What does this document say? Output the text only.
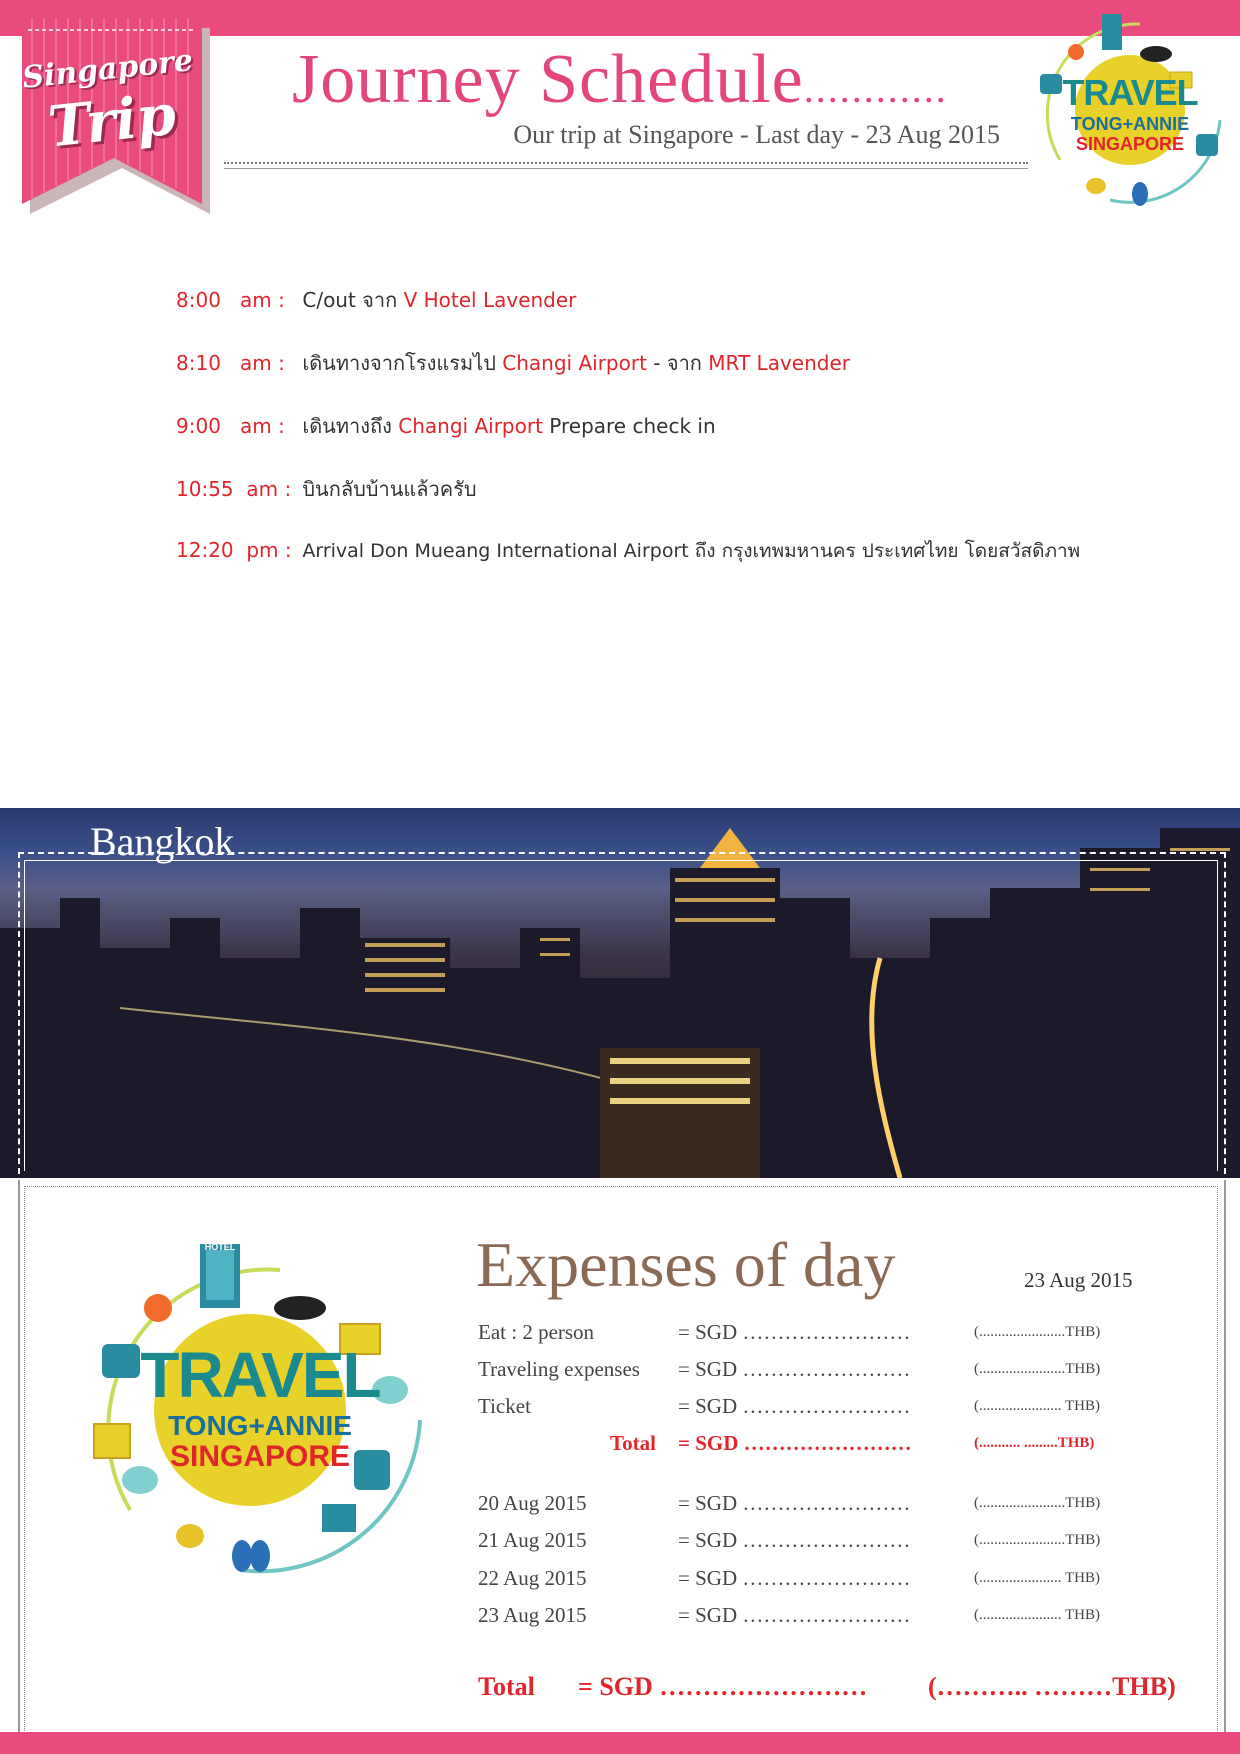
Singapore
Trip
Journey Schedule............
Our trip at Singapore - Last day - 23 Aug 2015
TRAVEL
TONG+ANNIE
SINGAPORE
8:00 am : C/out จาก V Hotel Lavender
8:10 am : เดินทางจากโรงแรมไป Changi Airport - จาก MRT Lavender
9:00 am : เดินทางถึง Changi Airport Prepare check in
10:55 am : บินกลับบ้านแล้วครับ
12:20 pm : Arrival Don Mueang International Airport ถึง กรุงเทพมหานคร ประเทศไทย โดยสวัสดิภาพ
Bangkok
TRAVEL
TONG+ANNIE
SINGAPORE
HOTEL	Expenses of day	23 Aug 2015
Eat : 2 person	= SGD ……………………	(.......................THB)
Traveling expenses = SGD ……………………	(.......................THB)
Ticket	= SGD ……………………	(...................... THB)
Total = SGD ……………………	(........... .........THB)
20 Aug 2015	= SGD ……………………	(.......................THB)
21 Aug 2015	= SGD ……………………	(.......................THB)
22 Aug 2015	= SGD ……………………	(...................... THB)
23 Aug 2015	= SGD ……………………	(...................... THB)
Total = SGD …………………… (……….. ………THB)
